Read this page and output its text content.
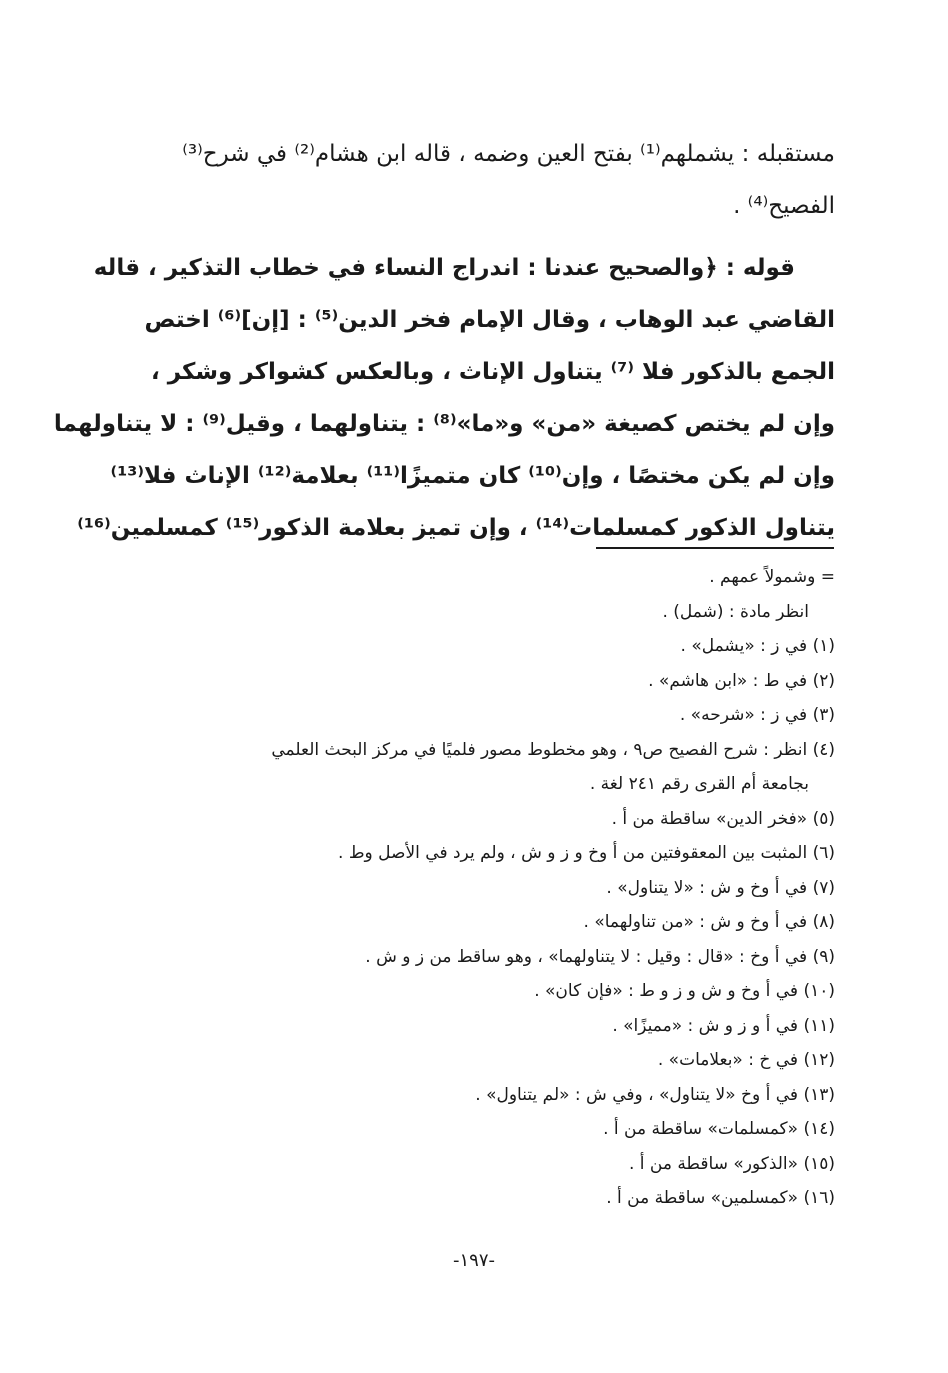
مستقبله : يشملهم⁽¹⁾ بفتح العين وضمه ، قاله ابن هشام⁽²⁾ في شرح⁽³⁾
الفصيح⁽⁴⁾ .
قوله : ﴿والصحيح عندنا : اندراج النساء في خطاب التذكير ، قاله
القاضي عبد الوهاب ، وقال الإمام فخر الدين⁽⁵⁾ : [إن]⁽⁶⁾ اختص
الجمع بالذكور فلا ⁽⁷⁾ يتناول الإناث ، وبالعكس كشواكر وشكر ،
وإن لم يختص كصيغة «من» و«ما»⁽⁸⁾ : يتناولهما ، وقيل⁽⁹⁾ : لا يتناولهما
وإن لم يكن مختصًا ، وإن⁽¹⁰⁾ كان متميزًا⁽¹¹⁾ بعلامة⁽¹²⁾ الإناث فلا⁽¹³⁾
يتناول الذكور كمسلمات⁽¹⁴⁾ ، وإن تميز بعلامة الذكور⁽¹⁵⁾ كمسلمين⁽¹⁶⁾
= وشمولاً عمهم .
انظر مادة : (شمل) .
(١) في ز : «يشمل» .
(٢) في ط : «ابن هاشم» .
(٣) في ز : «شرحه» .
(٤) انظر : شرح الفصيح ص٩ ، وهو مخطوط مصور فلميًا في مركز البحث العلمي
بجامعة أم القرى رقم ٢٤١ لغة .
(٥) «فخر الدين» ساقطة من أ .
(٦) المثبت بين المعقوفتين من أ وخ و ز و ش ، ولم يرد في الأصل وط .
(٧) في أ وخ و ش : «لا يتناول» .
(٨) في أ وخ و ش : «من تناولهما» .
(٩) في أ وخ : «قال : وقيل : لا يتناولهما» ، وهو ساقط من ز و ش .
(١٠) في أ وخ و ش و ز و ط : «فإن كان» .
(١١) في أ و ز و ش : «مميزًا» .
(١٢) في خ : «بعلامات» .
(١٣) في أ وخ «لا يتناول» ، وفي ش : «لم يتناول» .
(١٤) «كمسلمات» ساقطة من أ .
(١٥) «الذكور» ساقطة من أ .
(١٦) «كمسلمين» ساقطة من أ .
-١٩٧-
